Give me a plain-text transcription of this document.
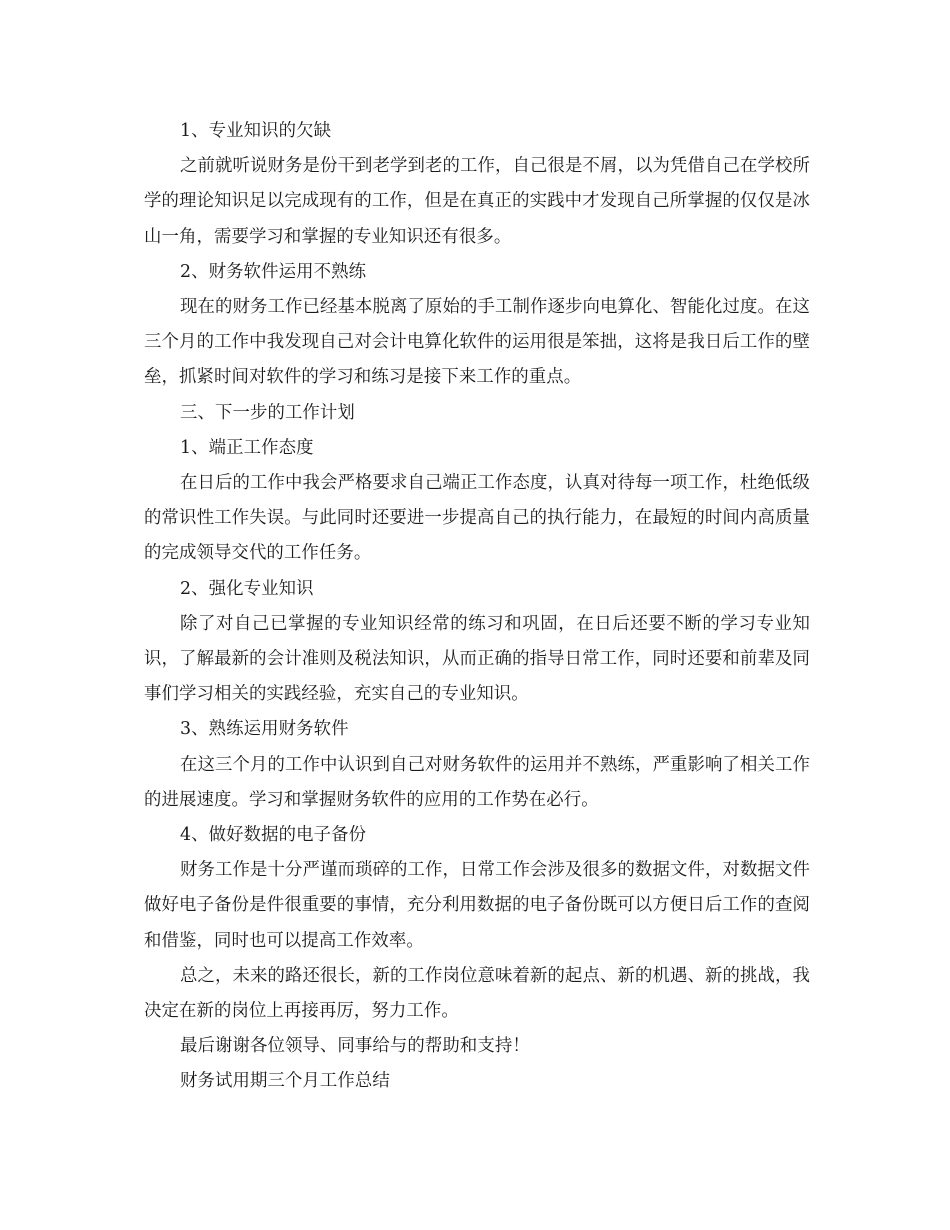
1、专业知识的欠缺

之前就听说财务是份干到老学到老的工作，自己很是不屑，以为凭借自己在学校所学的理论知识足以完成现有的工作，但是在真正的实践中才发现自己所掌握的仅仅是冰山一角，需要学习和掌握的专业知识还有很多。

2、财务软件运用不熟练

现在的财务工作已经基本脱离了原始的手工制作逐步向电算化、智能化过度。在这三个月的工作中我发现自己对会计电算化软件的运用很是笨拙，这将是我日后工作的壁垒，抓紧时间对软件的学习和练习是接下来工作的重点。

三、下一步的工作计划

1、端正工作态度

在日后的工作中我会严格要求自己端正工作态度，认真对待每一项工作，杜绝低级的常识性工作失误。与此同时还要进一步提高自己的执行能力，在最短的时间内高质量的完成领导交代的工作任务。

2、强化专业知识

除了对自己已掌握的专业知识经常的练习和巩固，在日后还要不断的学习专业知识，了解最新的会计准则及税法知识，从而正确的指导日常工作，同时还要和前辈及同事们学习相关的实践经验，充实自己的专业知识。

3、熟练运用财务软件

在这三个月的工作中认识到自己对财务软件的运用并不熟练，严重影响了相关工作的进展速度。学习和掌握财务软件的应用的工作势在必行。

4、做好数据的电子备份

财务工作是十分严谨而琐碎的工作，日常工作会涉及很多的数据文件，对数据文件做好电子备份是件很重要的事情，充分利用数据的电子备份既可以方便日后工作的查阅和借鉴，同时也可以提高工作效率。

总之，未来的路还很长，新的工作岗位意味着新的起点、新的机遇、新的挑战，我决定在新的岗位上再接再厉，努力工作。

最后谢谢各位领导、同事给与的帮助和支持！

财务试用期三个月工作总结
